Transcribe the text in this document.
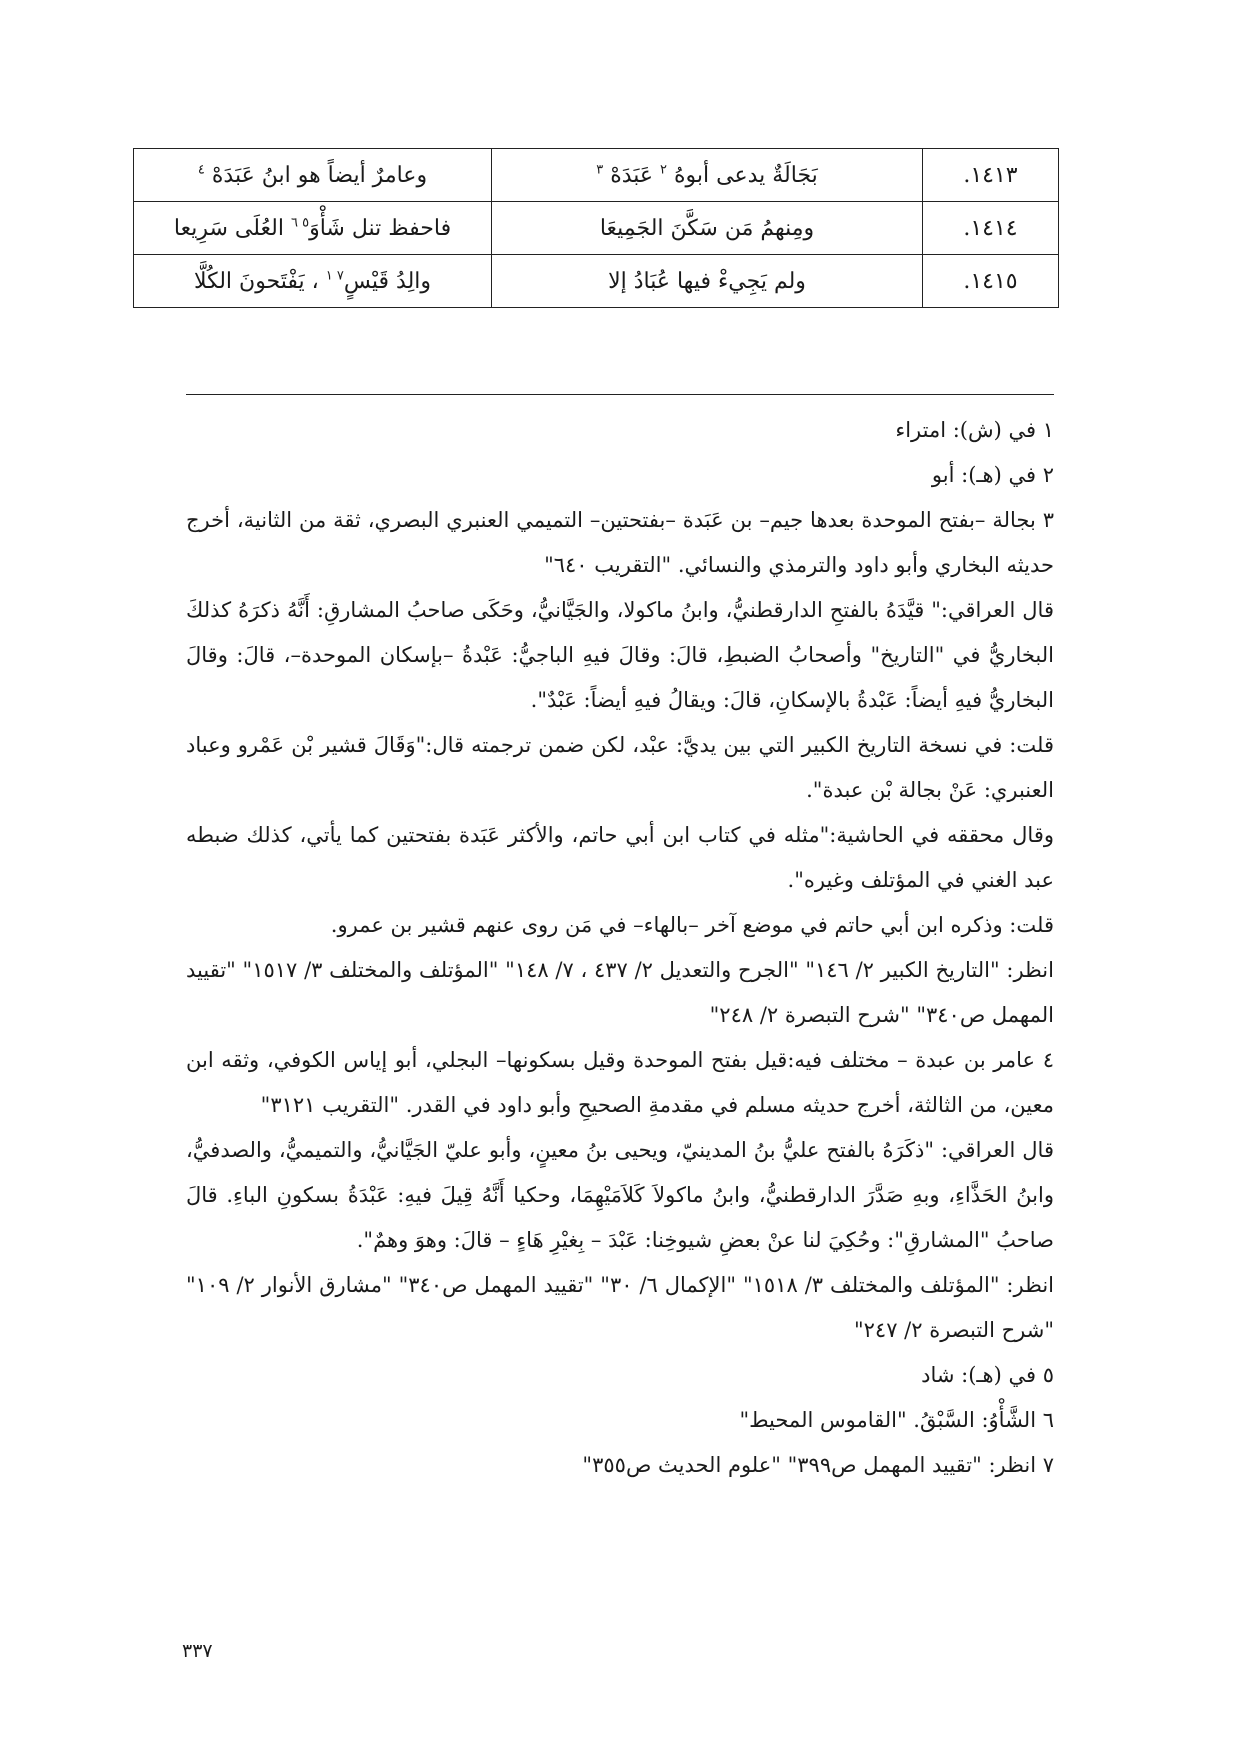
١٤١٣.	بَجَالَةٌ يدعى أبوهُ $^٢$ عَبَدَهْ $^٣$	وعامرٌ أيضاً هو ابنُ عَبَدَهْ $^٤$
١٤١٤.	ومِنهمُ مَن سَكَّنَ الجَمِيعَا	فاحفظ تنل شَأْوَ$^{٥ ٦}$ العُلَى سَرِيعا
١٤١٥.	ولم يَجِيءْ فيها عُبَادُ إلا	والِدُ قَيْسٍ$^{٧ ١}$ ، يَفْتَحونَ الكُلَّا

١ في (ش): امتراء

٢ في (هـ): أبو

٣ بجالة –بفتح الموحدة بعدها جيم– بن عَبَدة –بفتحتين– التميمي العنبري البصري، ثقة من الثانية، أخرج حديثه البخاري وأبو داود والترمذي والنسائي. "التقريب ٦٤٠"

قال العراقي:" قيَّدَهُ بالفتحِ الدارقطنيُّ، وابنُ ماكولا، والجَيَّانيُّ، وحَكَى صاحبُ المشارقِ: أَنَّهُ ذكرَهُ كذلكَ البخاريُّ في "التاريخ" وأصحابُ الضبطِ، قالَ: وقالَ فيهِ الباجيُّ: عَبْدةُ –بإسكان الموحدة–، قالَ: وقالَ البخاريُّ فيهِ أيضاً: عَبْدةُ بالإسكانِ، قالَ: ويقالُ فيهِ أيضاً: عَبْدٌ".

قلت: في نسخة التاريخ الكبير التي بين يديَّ: عبْد، لكن ضمن ترجمته قال:"وَقَالَ قشير بْن عَمْرو وعباد العنبري: عَنْ بجالة بْن عبدة".

وقال محققه في الحاشية:"مثله في كتاب ابن أبي حاتم، والأكثر عَبَدة بفتحتين كما يأتي، كذلك ضبطه عبد الغني في المؤتلف وغيره".

قلت: وذكره ابن أبي حاتم في موضع آخر –بالهاء– في مَن روى عنهم قشير بن عمرو.

انظر: "التاريخ الكبير ٢/ ١٤٦" "الجرح والتعديل ٢/ ٤٣٧ ، ٧/ ١٤٨" "المؤتلف والمختلف ٣/ ١٥١٧" "تقييد المهمل ص٣٤٠" "شرح التبصرة ٢/ ٢٤٨"

٤ عامر بن عبدة – مختلف فيه:قيل بفتح الموحدة وقيل بسكونها– البجلي، أبو إياس الكوفي، وثقه ابن معين، من الثالثة، أخرج حديثه مسلم في مقدمةِ الصحيحِ وأبو داود في القدر. "التقريب ٣١٢١"

قال العراقي: "ذكَرَهُ بالفتح عليُّ بنُ المدينيّ، ويحيى بنُ معينٍ، وأبو عليّ الجَيَّانيُّ، والتميميُّ، والصدفيُّ، وابنُ الحَذَّاءِ، وبهِ صَدَّرَ الدارقطنيُّ، وابنُ ماكولاَ كَلاَمَيْهِمَا، وحكيا أَنَّهُ قِيلَ فيهِ: عَبْدَةُ بسكونِ الباءِ. قالَ صاحبُ "المشارقِ": وحُكِيَ لنا عنْ بعضِ شيوخِنا: عَبْدَ – بِغيْرِ هَاءٍ – قالَ: وهوَ وهمٌ".

انظر: "المؤتلف والمختلف ٣/ ١٥١٨" "الإكمال ٦/ ٣٠" "تقييد المهمل ص٣٤٠" "مشارق الأنوار ٢/ ١٠٩" "شرح التبصرة ٢/ ٢٤٧"

٥ في (هـ): شاد

٦ الشَّأْوُ: السَّبْقُ. "القاموس المحيط"

٧ انظر: "تقييد المهمل ص٣٩٩" "علوم الحديث ص٣٥٥"

٣٣٧
